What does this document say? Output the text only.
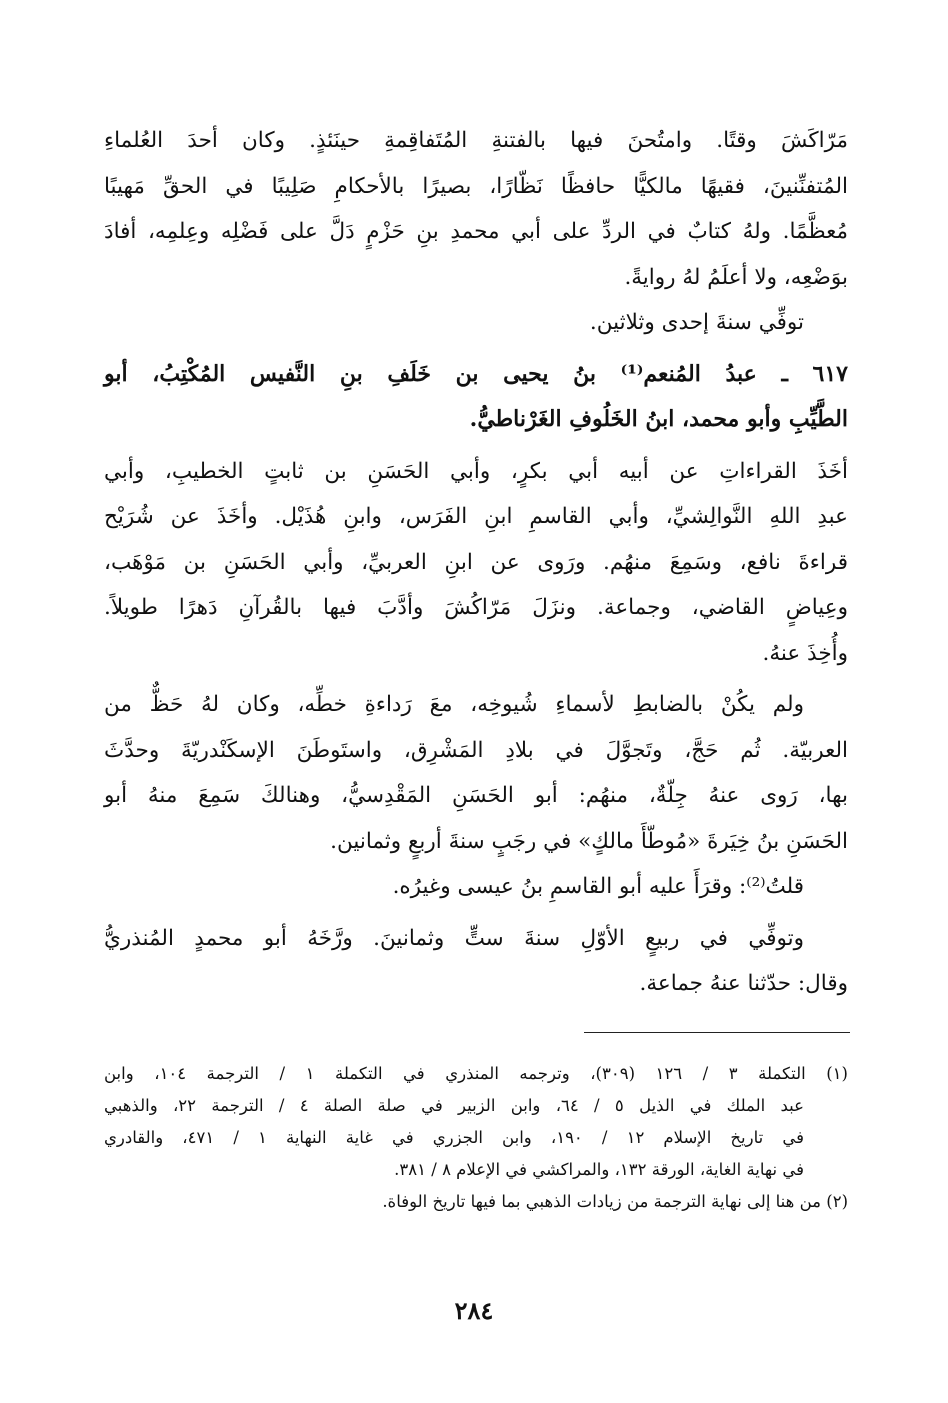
مَرّاكَشَ وقتًا. وامتُحنَ فيها بالفتنةِ المُتَفاقِمةِ حينَئذٍ. وكان أحدَ العُلماءِ
المُتفنِّنينَ، فقيهًا مالكيًّا حافظًا نَظّارًا، بصيرًا بالأحكامِ صَلِيبًا في الحقِّ مَهيبًا
مُعظَّمًا. ولهُ كتابٌ في الردِّ على أبي محمدِ بنِ حَزْمٍ دَلَّ على فَضْلِه وعِلمِه، أفادَ
بوَضْعِه، ولا أعلَمُ لهُ روايةً.
توفِّي سنةَ إحدى وثلاثين.
٦١٧ ـ عبدُ المُنعم⁽¹⁾ بنُ يحيى بن خَلَفِ بنِ النَّفيس المُكْتِبُ، أبو
الطَّيِّبِ وأبو محمد، ابنُ الخَلُوفِ الغَرْناطيُّ.
أخَذَ القراءاتِ عن أبيه أبي بكرٍ، وأبي الحَسَنِ بن ثابتٍ الخطيبِ، وأبي
عبدِ اللهِ النَّوالِشيِّ، وأبي القاسمِ ابنِ الفَرَس، وابنِ هُذَيْل. وأخَذَ عن شُرَيْح
قراءةَ نافع، وسَمِعَ منهُم. ورَوى عن ابنِ العربيِّ، وأبي الحَسَنِ بن مَوْهَب،
وعِياضٍ القاضي، وجماعة. ونزَلَ مَرّاكُشَ وأدَّبَ فيها بالقُرآنِ دَهرًا طويلاً.
وأُخِذَ عنهُ.
ولم يكُنْ بالضابطِ لأسماءِ شُيوخِه، معَ رَداءةِ خطِّه، وكان لهُ حَظٌّ من
العربيّة. ثُم حَجَّ، وتَجوَّلَ في بلادِ المَشْرِق، واستَوطَنَ الإسكَنْدريّةَ وحدَّثَ
بها، رَوى عنهُ جِلّةٌ، منهُم: أبو الحَسَنِ المَقْدِسيُّ، وهنالكَ سَمِعَ منهُ أبو
الحَسَنِ بنُ خِيَرةَ «مُوطّأَ مالكٍ» في رجَبٍ سنةَ أربعٍ وثمانين.
قلتُ⁽²⁾: وقرَأَ عليه أبو القاسمِ بنُ عيسى وغيرُه.
وتوفِّي في ربيعٍ الأوّلِ سنةَ ستٍّ وثمانينَ. ورَّخَهُ أبو محمدٍ المُنذريُّ
وقال: حدّثنا عنهُ جماعة.
(١) التكملة ٣ / ١٢٦ (٣٠٩)، وترجمه المنذري في التكملة ١ / الترجمة ١٠٤، وابن
عبد الملك في الذيل ٥ / ٦٤، وابن الزبير في صلة الصلة ٤ / الترجمة ٢٢، والذهبي
في تاريخ الإسلام ١٢ / ١٩٠، وابن الجزري في غاية النهاية ١ / ٤٧١، والقادري
في نهاية الغاية، الورقة ١٣٢، والمراكشي في الإعلام ٨ / ٣٨١.
(٢) من هنا إلى نهاية الترجمة من زيادات الذهبي بما فيها تاريخ الوفاة.
٢٨٤
